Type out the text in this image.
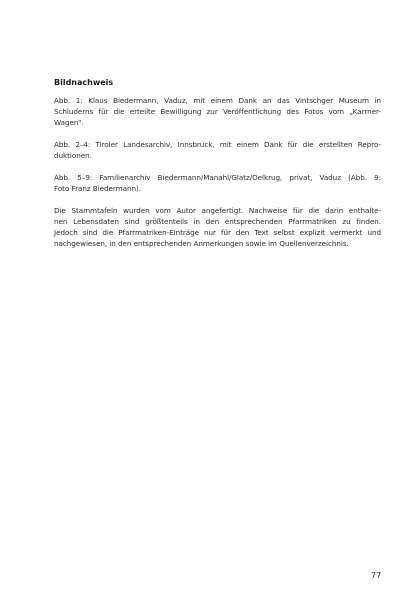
Bildnachweis

Abb. 1: Klaus Biedermann, Vaduz, mit einem Dank an das Vintschger Museum in
Schluderns für die erteilte Bewilligung zur Veröffentlichung des Fotos vom „Karrner-
Wagen“.

Abb. 2–4: Tiroler Landesarchiv, Innsbruck, mit einem Dank für die erstellten Repro-
duktionen.

Abb. 5–9: Familienarchiv Biedermann/Manahl/Glatz/Oelkrug, privat, Vaduz (Abb. 9:
Foto Franz Biedermann).

Die Stammtafeln wurden vom Autor angefertigt. Nachweise für die darin enthalte-
nen Lebensdaten sind größtenteils in den entsprechenden Pfarrmatriken zu finden.
Jedoch sind die Pfarrmatriken-Einträge nur für den Text selbst explizit vermerkt und
nachgewiesen, in den entsprechenden Anmerkungen sowie im Quellenverzeichnis.

77
